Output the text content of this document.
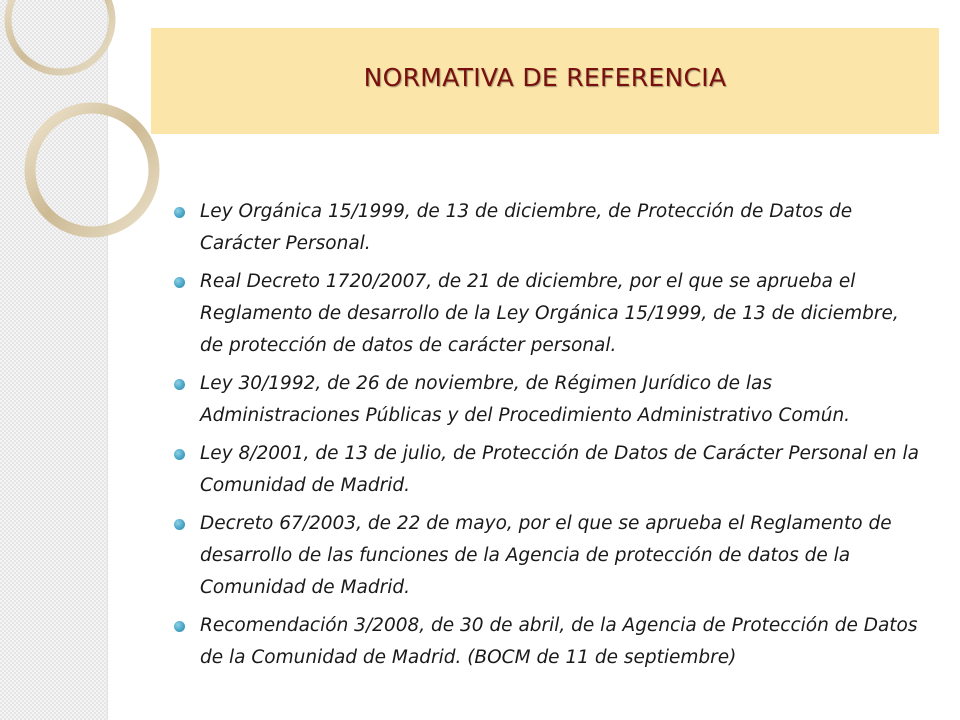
NORMATIVA DE REFERENCIA
Ley Orgánica 15/1999, de 13 de diciembre, de Protección de Datos de Carácter Personal.
Real Decreto 1720/2007, de 21 de diciembre, por el que se aprueba el Reglamento de desarrollo de la Ley Orgánica 15/1999, de 13 de diciembre, de protección de datos de carácter personal.
Ley 30/1992, de 26 de noviembre, de Régimen Jurídico de las Administraciones Públicas y del Procedimiento Administrativo Común.
Ley 8/2001, de 13 de julio, de Protección de Datos de Carácter Personal en la Comunidad de Madrid.
Decreto 67/2003, de 22 de mayo, por el que se aprueba el Reglamento de desarrollo de las funciones de la Agencia de protección de datos de la Comunidad de Madrid.
Recomendación 3/2008, de 30 de abril, de la Agencia de Protección de Datos de la Comunidad de Madrid. (BOCM de 11 de septiembre)
